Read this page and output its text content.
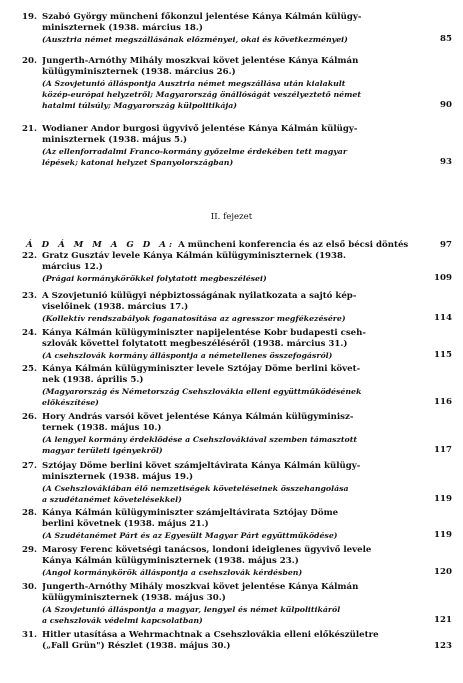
19. Szabó György müncheni főkonzul jelentése Kánya Kálmán külügy-
miniszternek (1938. március 18.)
(Ausztria német megszállásának előzményei, okai és következményei)	85
20. Jungerth-Arnóthy Mihály moszkvai követ jelentése Kánya Kálmán
külügyminiszternek (1938. március 26.)
(A Szovjetunió álláspontja Ausztria német megszállása után kialakult
közép-európai helyzetről; Magyarország önállóságát veszélyeztető német
hatalmi túlsúly; Magyarország külpolitikája)	90
21. Wodianer Andor burgosi ügyvivő jelentése Kánya Kálmán külügy-
miniszternek (1938. május 5.)
(Az ellenforradalmi Franco-kormány győzelme érdekében tett magyar
lépések; katonai helyzet Spanyolországban)	93
II. fejezet
Á D Á M M A G D A: A müncheni konferencia és az első bécsi döntés	97
22. Gratz Gusztáv levele Kánya Kálmán külügyminiszternek (1938.
március 12.)
(Prágai kormánykörökkel folytatott megbeszélései)	109
23. A Szovjetunió külügyi népbiztosságának nyilatkozata a sajtó kép-
viselőinek (1938. március 17.)
(Kollektív rendszabályok foganatosítása az agresszor megfékezésére)	114
24. Kánya Kálmán külügyminiszter napijelentése Kobr budapesti cseh-
szlovák követtel folytatott megbeszéléséről (1938. március 31.)
(A csehszlovák kormány álláspontja a németellenes összefogásról)	115
25. Kánya Kálmán külügyminiszter levele Sztójay Döme berlini követ-
nek (1938. április 5.)
(Magyarország és Németország Csehszlovákia elleni együttműködésének
előkészítése)	116
26. Hory András varsói követ jelentése Kánya Kálmán külügyminisz-
ternek (1938. május 10.)
(A lengyel kormány érdeklődése a Csehszlovákiával szemben támasztott
magyar területi igényekről)	117
27. Sztójay Döme berlini követ számjeltávirata Kánya Kálmán külügy-
miniszternek (1938. május 19.)
(A Csehszlovákiában élő nemzetiségek követeléseinek összehangolása
a szudétanémet követelésekkel)	119
28. Kánya Kálmán külügyminiszter számjeltávirata Sztójay Döme
berlini követnek (1938. május 21.)
(A Szudétanémet Párt és az Egyesült Magyar Párt együttműködése)	119
29. Marosy Ferenc követségi tanácsos, londoni ideiglenes ügyvivő levele
Kánya Kálmán külügyminiszternek (1938. május 23.)
(Angol kormánykörök álláspontja a csehszlovák kérdésben)	120
30. Jungerth-Arnóthy Mihály moszkvai követ jelentése Kánya Kálmán
külügyminiszternek (1938. május 30.)
(A Szovjetunió álláspontja a magyar, lengyel és német külpolitikáról
a csehszlovák védelmi kapcsolatban)	121
31. Hitler utasítása a Wehrmachtnak a Csehszlovákia elleni előkészületre
(„Fall Grün") Részlet (1938. május 30.)	123
